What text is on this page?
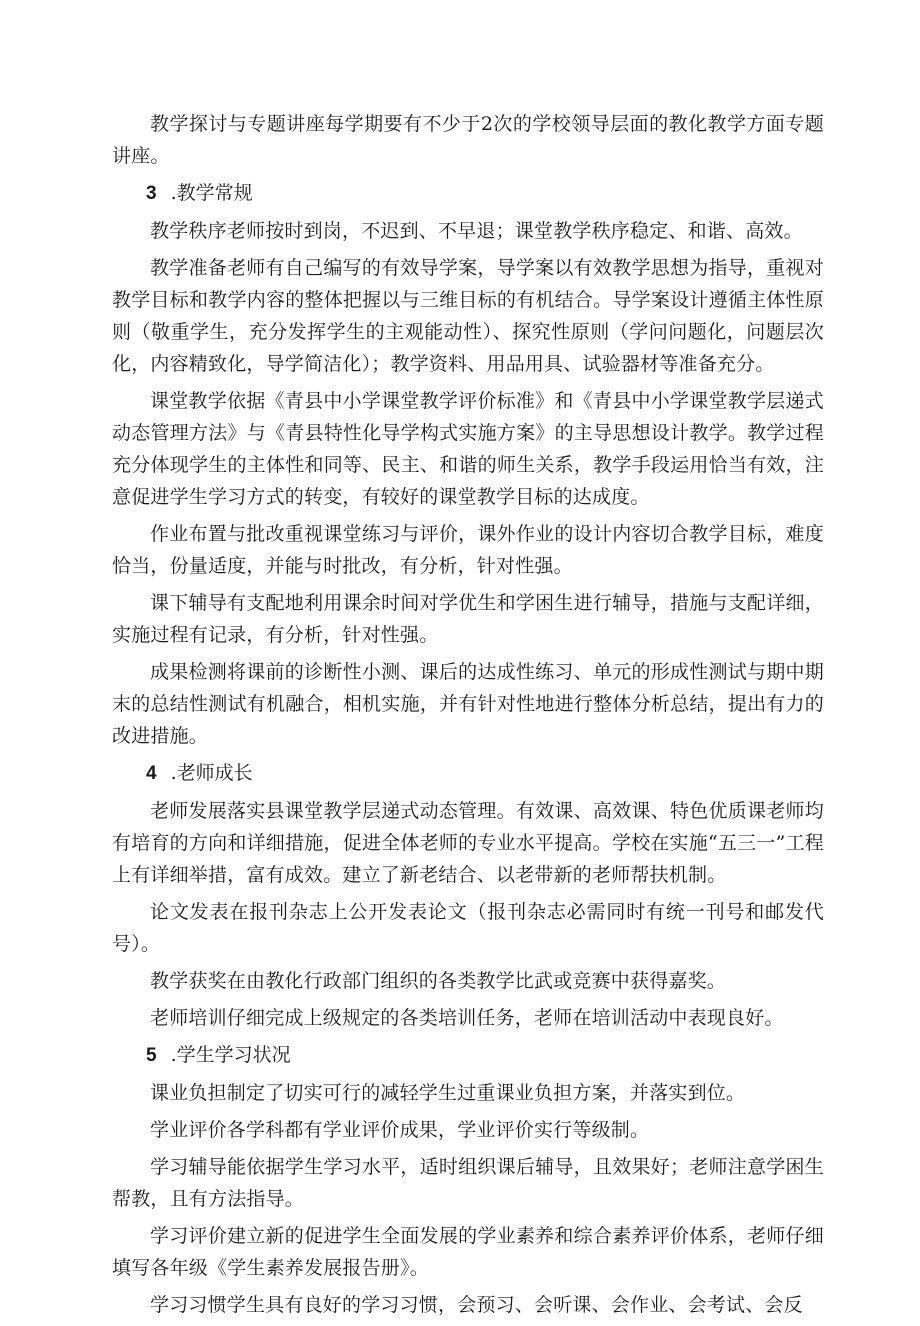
教学探讨与专题讲座每学期要有不少于2次的学校领导层面的教化教学方面专题讲座。

3 .教学常规

教学秩序老师按时到岗，不迟到、不早退；课堂教学秩序稳定、和谐、高效。

教学准备老师有自己编写的有效导学案，导学案以有效教学思想为指导，重视对教学目标和教学内容的整体把握以与三维目标的有机结合。导学案设计遵循主体性原则（敬重学生，充分发挥学生的主观能动性）、探究性原则（学问问题化，问题层次化，内容精致化，导学简洁化）；教学资料、用品用具、试验器材等准备充分。

课堂教学依据《青县中小学课堂教学评价标准》和《青县中小学课堂教学层递式动态管理方法》与《青县特性化导学构式实施方案》的主导思想设计教学。教学过程充分体现学生的主体性和同等、民主、和谐的师生关系，教学手段运用恰当有效，注意促进学生学习方式的转变，有较好的课堂教学目标的达成度。

作业布置与批改重视课堂练习与评价，课外作业的设计内容切合教学目标，难度恰当，份量适度，并能与时批改，有分析，针对性强。

课下辅导有支配地利用课余时间对学优生和学困生进行辅导，措施与支配详细，实施过程有记录，有分析，针对性强。

成果检测将课前的诊断性小测、课后的达成性练习、单元的形成性测试与期中期末的总结性测试有机融合，相机实施，并有针对性地进行整体分析总结，提出有力的改进措施。

4 .老师成长

老师发展落实县课堂教学层递式动态管理。有效课、高效课、特色优质课老师均有培育的方向和详细措施，促进全体老师的专业水平提高。学校在实施“五三一”工程上有详细举措，富有成效。建立了新老结合、以老带新的老师帮扶机制。

论文发表在报刊杂志上公开发表论文（报刊杂志必需同时有统一刊号和邮发代号）。

教学获奖在由教化行政部门组织的各类教学比武或竞赛中获得嘉奖。

老师培训仔细完成上级规定的各类培训任务，老师在培训活动中表现良好。

5 .学生学习状况

课业负担制定了切实可行的减轻学生过重课业负担方案，并落实到位。

学业评价各学科都有学业评价成果，学业评价实行等级制。

学习辅导能依据学生学习水平，适时组织课后辅导，且效果好；老师注意学困生帮教，且有方法指导。

学习评价建立新的促进学生全面发展的学业素养和综合素养评价体系，老师仔细填写各年级《学生素养发展报告册》。

学习习惯学生具有良好的学习习惯，会预习、会听课、会作业、会考试、会反
